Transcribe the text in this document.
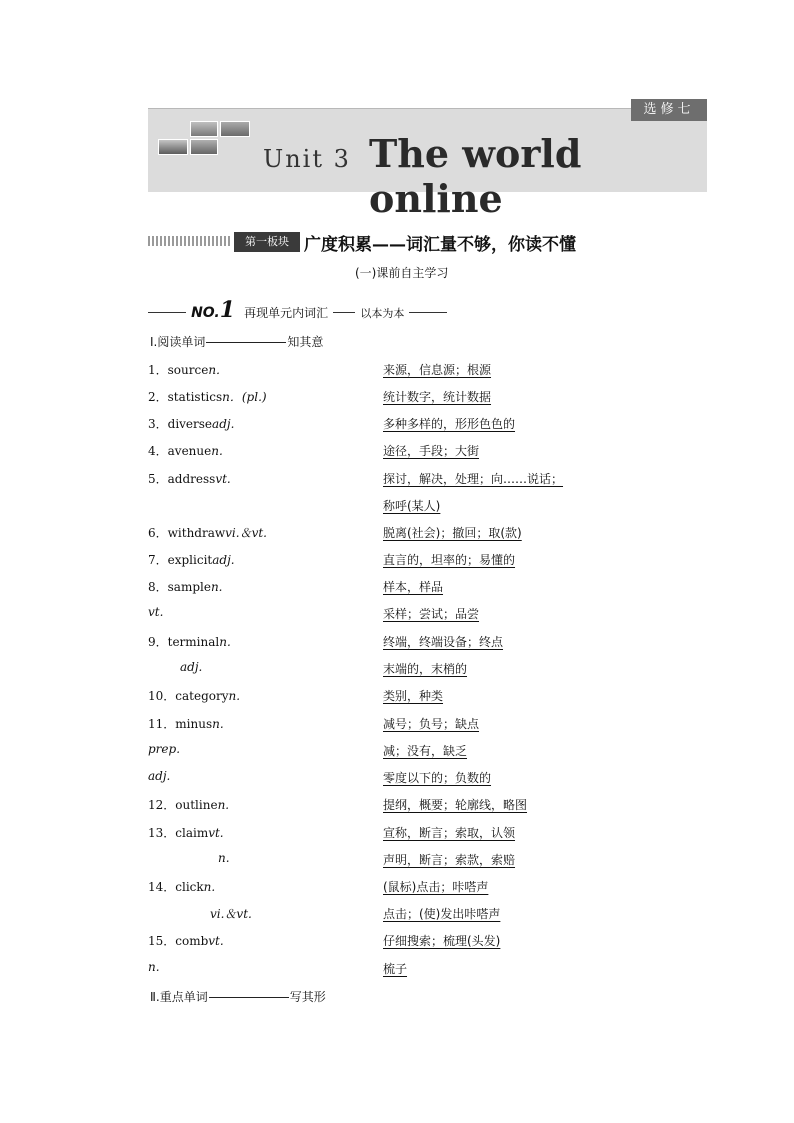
选修七
Unit 3 The world online
第一板块 广度积累——词汇量不够，你读不懂
(一)课前自主学习
NO.1 再现单元内词汇	以本为本
Ⅰ.阅读单词	知其意
1．sourcen．	来源，信息源；根源
2．statisticsn．(pl.)	统计数字，统计数据
3．diverseadj.	多种多样的，形形色色的
4．avenuen.	途径，手段；大街
5．addressvt.	探讨，解决，处理；向……说话；
称呼(某人)
6．withdrawvi.＆vt.	脱离(社会)；撤回；取(款)
7．explicitadj.	直言的，坦率的；易懂的
8．samplen.	样本，样品
vt.	采样；尝试；品尝
9．terminaln.	终端，终端设备；终点
adj.	末端的，末梢的
10．categoryn.	类别，种类
11．minusn.	减号；负号；缺点
prep.	减；没有，缺乏
adj.	零度以下的；负数的
12．outlinen.	提纲，概要；轮廓线，略图
13．claimvt.	宣称，断言；索取，认领
n.	声明，断言；索款，索赔
14．clickn.	(鼠标)点击；咔嗒声
vi.＆vt.	点击；(使)发出咔嗒声
15．combvt.	仔细搜索；梳理(头发)
n.	梳子
Ⅱ.重点单词	写其形
